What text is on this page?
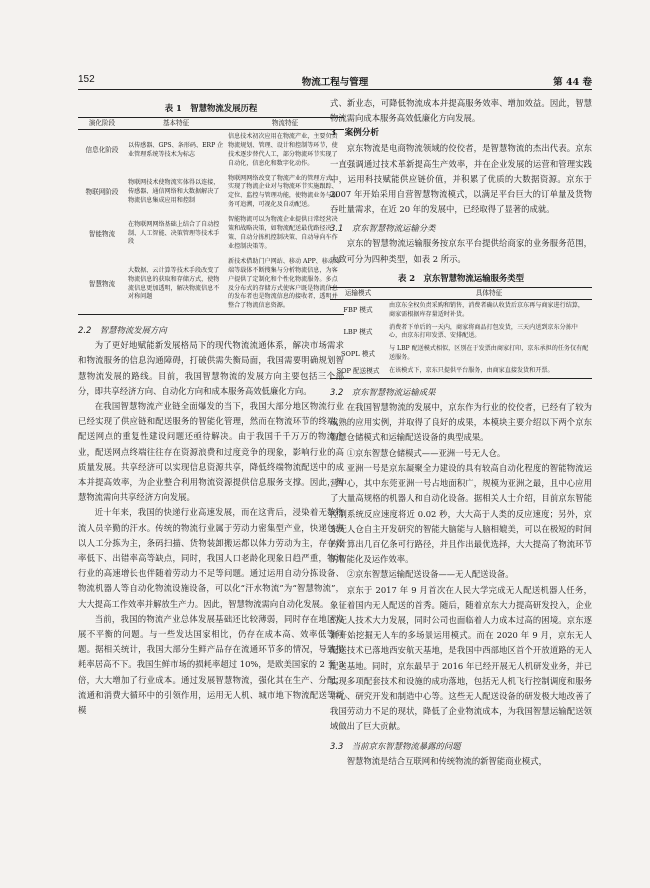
152	物流工程与管理	第 44 卷
表 1　智慧物流发展历程
演化阶段	基本特征	物流特征
信息化阶段	以传感器、GPS、条形码、ERP 企业管理系统等技术为标志	信息技术初次应用在物流产业，主要负责物流规划、管理、设计和控制等环节，使技术逐步替代人工，部分物流环节实现了自动化，信息化和数字化动作。
物联网阶段	物联网技术使物流实体得以连接，传感器、通信网络和大数据解决了物流信息集成应用和控制	物联网网络改变了物流产业的管理方式，实现了物流企业对与物流环节实施跟踪、定位、监控与管理功能，使物流业务与服务可追溯，可视化及自动配送。
智能物流	在物联网网络基础上结合了自动控制、人工智能、决策管理等技术手段	智能物流可以为物流企业提供日常经营决策和战略决策，如物流配送最优路径决策、自动分拣机控制决策、自动导向车作业控制决策等。
智慧物流	大数据、云计算等技术手段改变了物流信息的获取和存储方式，使物流信息更加透明，解决物流信息不对称问题	新技术借助门户网站、移动 APP、移动终端等载体不断搜集与分析物流信息，为客户提供了定制化和个性化物流服务。多点及分布式的存储方式使客户既是物流信息的发布者也是物流信息的接收者，透明并整合了物流信息资源。
2.2　智慧物流发展方向

为了更好地赋能新发展格局下的现代物流流通体系，解决市场需求和物流服务的信息沟通障碍，打破供需失衡局面，我国需要明确规划智慧物流发展的路线。目前，我国智慧物流的发展方向主要包括三个部分，即共享经济方向、自动化方向和成本服务高效低廉化方向。

在我国智慧物流产业链全面爆发的当下，我国大部分地区物流行业已经实现了供应链和配送服务的智能化管理，然而在物流环节的终端，配送网点的重复性建设问题还亟待解决。由于我国千千万万的物流企业，配送网点终端往往存在资源浪费和过度竞争的现象，影响行业的高质量发展。共享经济可以实现信息资源共享，降低终端物流配送中的成本并提高效率，为企业整合利用物流资源提供信息服务支撑。因此，智慧物流需向共享经济方向发展。

近十年来，我国的快递行业高速发展，而在这背后，浸染着无数物流人员辛勤的汗水。传统的物流行业属于劳动力密集型产业，快递包裹以人工分拣为主，条码扫描、货物装卸搬运都以体力劳动为主，存在效率低下、出错率高等缺点，同时，我国人口老龄化现象日趋严重，物流行业的高速增长也伴随着劳动力不足等问题。通过运用自动分拣设备、物流机器人等自动化物流设施设备，可以化“汗水物流”为“智慧物流”，大大提高工作效率并解放生产力。因此，智慧物流需向自动化发展。

当前，我国的物流产业总体发展基础还比较薄弱，同时存在地区发展不平衡的问题。与一些发达国家相比，仍存在成本高、效率低等问题。据相关统计，我国大部分生鲜产品存在流通环节多的情况，导致损耗率居高不下。我国生鲜市场的损耗率超过 10%，是欧美国家的 2 至 3 倍，大大增加了行业成本。通过发展智慧物流，强化其在生产、分配、流通和消费大循环中的引领作用，运用无人机、城市地下物流配送等新模

式、新业态，可降低物流成本并提高服务效率、增加效益。因此，智慧物流需向成本服务高效低廉化方向发展。

3　案例分析

京东物流是电商物流领域的佼佼者，是智慧物流的杰出代表。京东一直强调通过技术革新提高生产效率，并在企业发展的运营和管理实践中，运用科技赋能供应链价值，并积累了优质的大数据资源。京东于 2007 年开始采用自营智慧物流模式，以满足平台巨大的订单量及货物吞吐量需求，在近 20 年的发展中，已经取得了显著的成就。

3.1　京东智慧物流运输分类

京东的智慧物流运输服务按京东平台提供给商家的业务服务范围，大致可分为四种类型，如表 2 所示。

表 2　京东智慧物流运输服务类型
运输模式	具体特征
FBP 模式	由京东全权负责采购和销售，消费者确认收货后京东再与商家进行结算，商家需根据库存量适时补货。
LBP 模式	消费者下单后的一天内，商家将商品打包发货，三天内送到京东分拣中心，由京东打印发票、安排配送。
SOPL 模式	与 LBP 配送模式相似，区别在于发票由商家打印，京东承担的任务仅有配送服务。
SOP 配送模式	在该模式下，京东只提供平台服务，由商家直接发货和开票。
3.2　京东智慧物流运输成果

在我国智慧物流的发展中，京东作为行业的佼佼者，已经有了较为成熟的应用实例，并取得了良好的成果，本模块主要介绍以下两个京东智慧仓储模式和运输配送设备的典型成果。

①京东智慧仓储模式——亚洲一号无人仓。

亚洲一号是京东凝聚全力建设的具有较高自动化程度的智能物流运营中心，其中东莞亚洲一号占地面积广，规模为亚洲之最，且中心应用了大量高规格的机器人和自动化设备。据相关人士介绍，目前京东智能控制系统反应速度将近 0.02 秒，大大高于人类的反应速度；另外，京东无人仓自主开发研究的智能大脑能与人脑相媲美，可以在极短的时间内计算出几百亿条可行路径，并且作出最优选择，大大提高了物流环节的智能化及运作效率。

②京东智慧运输配送设备——无人配送设备。

京东于 2017 年 9 月首次在人民大学完成无人配送机器人任务，象征着国内无人配送的首秀。随后，随着京东大力提高研发投入，企业的无人技术大力发展，同时公司也面临着人力成本过高的困境。京东逐渐开始挖掘无人车的多场景运用模式。而在 2020 年 9 月，京东无人配送技术已落地西安航天基地，是我国中西部地区首个开放道路的无人配送基地。同时，京东最早于 2016 年已经开展无人机研发业务，并已实现多项配套技术和设施的成功落地，包括无人机飞行控制调度和服务中心、研究开发和制造中心等。这些无人配送设备的研发极大地改善了我国劳动力不足的现状，降低了企业物流成本，为我国智慧运输配送领域做出了巨大贡献。

3.3　当前京东智慧物流暴露的问题

智慧物流是结合互联网和传统物流的新智能商业模式，
